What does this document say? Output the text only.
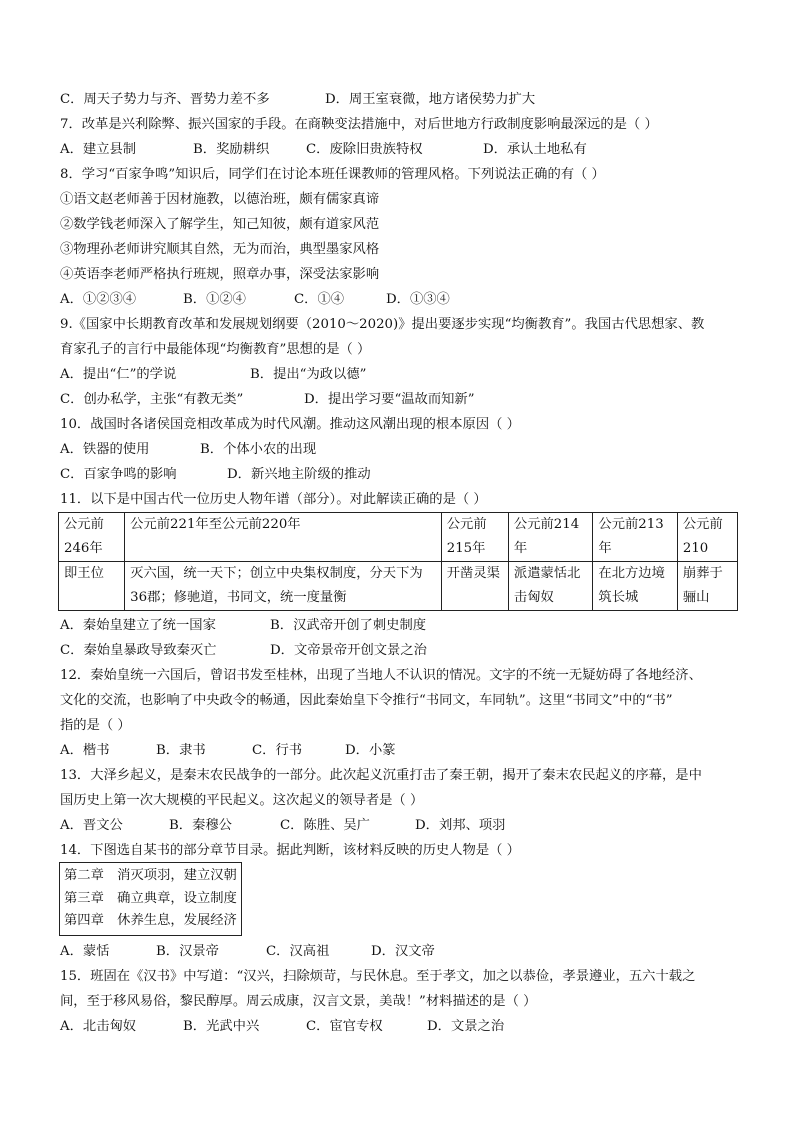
C．周天子势力与齐、晋势力差不多	D．周王室衰微，地方诸侯势力扩大
7．改革是兴利除弊、振兴国家的手段。在商鞅变法措施中，对后世地方行政制度影响最深远的是（ ）
A．建立县制	B．奖励耕织	C．废除旧贵族特权	D．承认土地私有
8．学习“百家争鸣”知识后，同学们在讨论本班任课教师的管理风格。下列说法正确的有（ ）
①语文赵老师善于因材施教，以德治班，颇有儒家真谛
②数学钱老师深入了解学生，知己知彼，颇有道家风范
③物理孙老师讲究顺其自然，无为而治，典型墨家风格
④英语李老师严格执行班规，照章办事，深受法家影响
A．①②③④	B．①②④	C．①④	D．①③④
9.《国家中长期教育改革和发展规划纲要（2010～2020)》提出要逐步实现“均衡教育”。我国古代思想家、教
育家孔子的言行中最能体现“均衡教育”思想的是（ ）
A．提出“仁”的学说	B．提出“为政以德”
C．创办私学，主张“有教无类”	D．提出学习要“温故而知新”
10．战国时各诸侯国竞相改革成为时代风潮。推动这风潮出现的根本原因（ ）
A．铁器的使用	B．个体小农的出现
C．百家争鸣的影响	D．新兴地主阶级的推动
11．以下是中国古代一位历史人物年谱（部分）。对此解读正确的是（ ）
公元前246年	公元前221年至公元前220年	公元前215年	公元前214年	公元前213年	公元前210
即王位	灭六国，统一天下；创立中央集权制度，分天下为36郡；修驰道，书同文，统一度量衡	开凿灵渠	派遣蒙恬北击匈奴	在北方边境筑长城	崩葬于骊山
A．秦始皇建立了统一国家	B．汉武帝开创了刺史制度
C．秦始皇暴政导致秦灭亡	D．文帝景帝开创文景之治
12．秦始皇统一六国后，曾诏书发至桂林，出现了当地人不认识的情况。文字的不统一无疑妨碍了各地经济、
文化的交流，也影响了中央政令的畅通，因此秦始皇下令推行“书同文，车同轨”。这里“书同文”中的“书”
指的是（ ）
A．楷书	B．隶书	C．行书	D．小篆
13．大泽乡起义，是秦末农民战争的一部分。此次起义沉重打击了秦王朝，揭开了秦末农民起义的序幕，是中
国历史上第一次大规模的平民起义。这次起义的领导者是（ ）
A．晋文公	B．秦穆公	C．陈胜、吴广	D．刘邦、项羽
14．下图选自某书的部分章节目录。据此判断，该材料反映的历史人物是（ ）
第二章　消灭项羽，建立汉朝
第三章　确立典章，设立制度
第四章　休养生息，发展经济
A．蒙恬	B．汉景帝	C．汉高祖	D．汉文帝
15．班固在《汉书》中写道：“汉兴，扫除烦苛，与民休息。至于孝文，加之以恭俭，孝景遵业，五六十载之
间，至于移风易俗，黎民醇厚。周云成康，汉言文景，美哉！”材料描述的是（ ）
A．北击匈奴	B．光武中兴	C．宦官专权	D．文景之治
